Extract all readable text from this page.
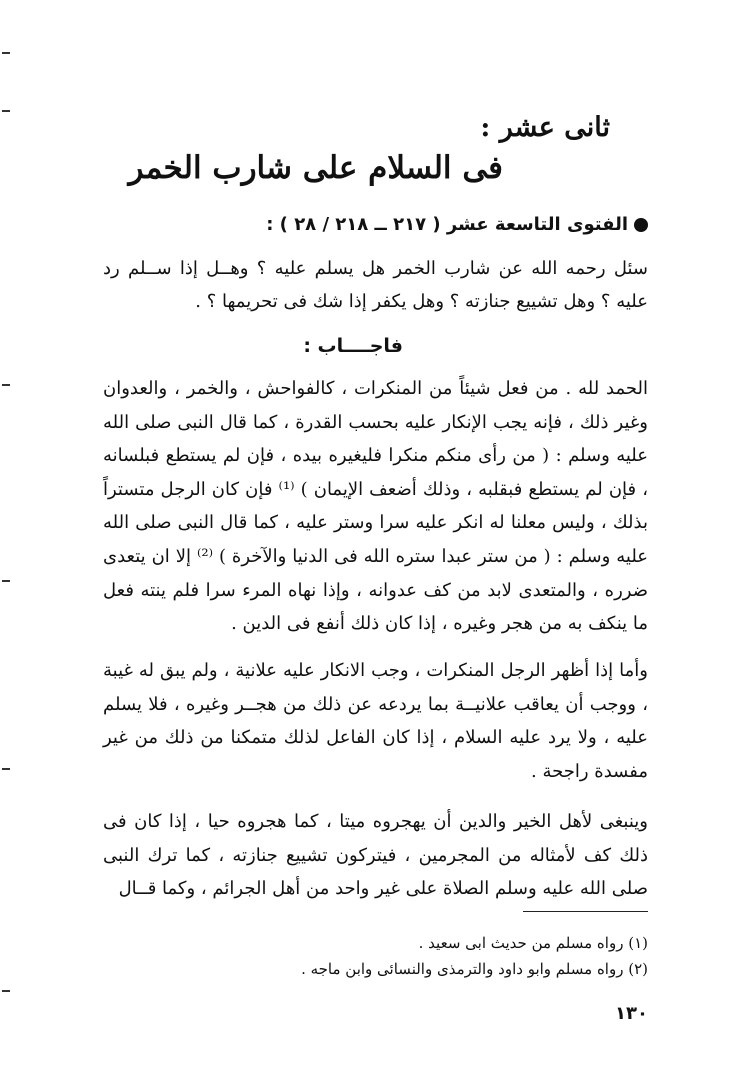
ثانى عشر :
فى السلام على شارب الخمر
الفتوى التاسعة عشر ( ٢١٧ ــ ٢١٨ / ٢٨ ) :

سئل رحمه الله عن شارب الخمر هل يسلم عليه ؟ وهــل إذا ســلم رد عليه ؟ وهل تشييع جنازته ؟ وهل يكفر إذا شك فى تحريمها ؟ .

فاجــــاب :

الحمد لله . من فعل شيئاً من المنكرات ، كالفواحش ، والخمر ، والعدوان وغير ذلك ، فإنه يجب الإنكار عليه بحسب القدرة ، كما قال النبى صلى الله عليه وسلم : ( من رأى منكم منكرا فليغيره بيده ، فإن لم يستطع فبلسانه ، فإن لم يستطع فبقلبه ، وذلك أضعف الإيمان ) ⁽¹⁾ فإن كان الرجل متستراً بذلك ، وليس معلنا له انكر عليه سرا وستر عليه ، كما قال النبى صلى الله عليه وسلم : ( من ستر عبدا ستره الله فى الدنيا والآخرة ) ⁽²⁾ إلا ان يتعدى ضرره ، والمتعدى لابد من كف عدوانه ، وإذا نهاه المرء سرا فلم ينته فعل ما ينكف به من هجر وغيره ، إذا كان ذلك أنفع فى الدين .

وأما إذا أظهر الرجل المنكرات ، وجب الانكار عليه علانية ، ولم يبق له غيبة ، ووجب أن يعاقب علانيــة بما يردعه عن ذلك من هجــر وغيره ، فلا يسلم عليه ، ولا يرد عليه السلام ، إذا كان الفاعل لذلك متمكنا من ذلك من غير مفسدة راجحة .

وينبغى لأهل الخير والدين أن يهجروه ميتا ، كما هجروه حيا ، إذا كان فى ذلك كف لأمثاله من المجرمين ، فيتركون تشييع جنازته ، كما ترك النبى صلى الله عليه وسلم الصلاة على غير واحد من أهل الجرائم ، وكما قــال

(١) رواه مسلم من حديث ابى سعيد .

(٢) رواه مسلم وابو داود والترمذى والنسائى وابن ماجه .

١٣٠
